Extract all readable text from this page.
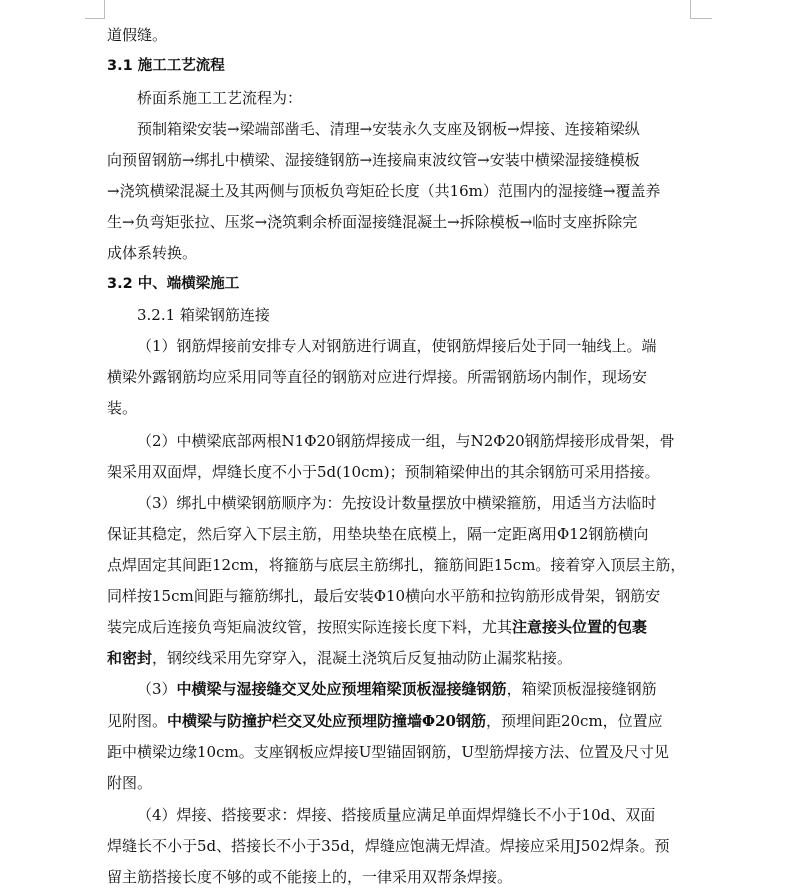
道假缝。
3.1 施工工艺流程
桥面系施工工艺流程为：
预制箱梁安装→梁端部凿毛、清理→安装永久支座及钢板→焊接、连接箱梁纵
向预留钢筋→绑扎中横梁、湿接缝钢筋→连接扁束波纹管→安装中横梁湿接缝模板
→浇筑横梁混凝土及其两侧与顶板负弯矩砼长度（共16m）范围内的湿接缝→覆盖养
生→负弯矩张拉、压浆→浇筑剩余桥面湿接缝混凝土→拆除模板→临时支座拆除完
成体系转换。
3.2 中、端横梁施工
3.2.1 箱梁钢筋连接
（1）钢筋焊接前安排专人对钢筋进行调直，使钢筋焊接后处于同一轴线上。端
横梁外露钢筋均应采用同等直径的钢筋对应进行焊接。所需钢筋场内制作，现场安
装。
（2）中横梁底部两根N1Φ20钢筋焊接成一组，与N2Φ20钢筋焊接形成骨架，骨
架采用双面焊，焊缝长度不小于5d(10cm)；预制箱梁伸出的其余钢筋可采用搭接。
（3）绑扎中横梁钢筋顺序为：先按设计数量摆放中横梁箍筋，用适当方法临时
保证其稳定，然后穿入下层主筋，用垫块垫在底模上，隔一定距离用Φ12钢筋横向
点焊固定其间距12cm，将箍筋与底层主筋绑扎，箍筋间距15cm。接着穿入顶层主筋，
同样按15cm间距与箍筋绑扎，最后安装Φ10横向水平筋和拉钩筋形成骨架，钢筋安
装完成后连接负弯矩扁波纹管，按照实际连接长度下料，尤其注意接头位置的包裹
和密封，钢绞线采用先穿穿入，混凝土浇筑后反复抽动防止漏浆粘接。
（3）中横梁与湿接缝交叉处应预埋箱梁顶板湿接缝钢筋，箱梁顶板湿接缝钢筋
见附图。中横梁与防撞护栏交叉处应预埋防撞墙Φ20钢筋，预埋间距20cm，位置应
距中横梁边缘10cm。支座钢板应焊接U型锚固钢筋，U型筋焊接方法、位置及尺寸见
附图。
（4）焊接、搭接要求：焊接、搭接质量应满足单面焊焊缝长不小于10d、双面
焊缝长不小于5d、搭接长不小于35d，焊缝应饱满无焊渣。焊接应采用J502焊条。预
留主筋搭接长度不够的或不能接上的，一律采用双帮条焊接。
